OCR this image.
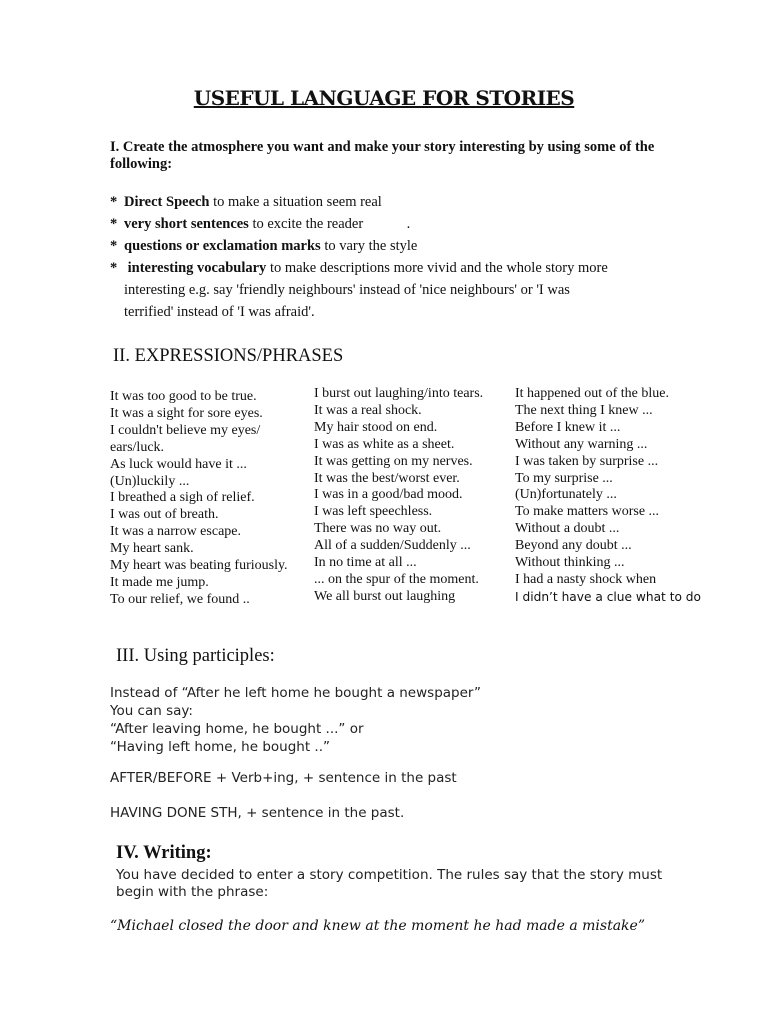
USEFUL LANGUAGE FOR STORIES
I. Create the atmosphere you want and make your story interesting by using some of the following:
* Direct Speech to make a situation seem real
* very short sentences to excite the reader            .
* questions or exclamation marks to vary the style
* interesting vocabulary to make descriptions more vivid and the whole story more
interesting e.g. say 'friendly neighbours' instead of 'nice neighbours' or 'I was
terrified' instead of 'I was afraid'.
II. EXPRESSIONS/PHRASES
It was too good to be true.
It was a sight for sore eyes.
I couldn't believe my eyes/
ears/luck.
As luck would have it ...
(Un)luckily ...
I breathed a sigh of relief.
I was out of breath.
It was a narrow escape.
My heart sank.
My heart was beating furiously.
It made me jump.
To our relief, we found ..
I burst out laughing/into tears.
It was a real shock.
My hair stood on end.
I was as white as a sheet.
It was getting on my nerves.
It was the best/worst ever.
I was in a good/bad mood.
I was left speechless.
There was no way out.
All of a sudden/Suddenly ...
In no time at all ...
... on the spur of the moment.
We all burst out laughing
It happened out of the blue.
The next thing I knew ...
Before I knew it ...
Without any warning ...
I was taken by surprise ...
To my surprise ...
(Un)fortunately ...
To make matters worse ...
Without a doubt ...
Beyond any doubt ...
Without thinking ...
I had a nasty shock when
I didn’t have a clue what to do
III. Using participles:
Instead of “After he left home he bought a newspaper”
You can say:
“After leaving home, he bought ...” or
“Having left home, he bought ..”
AFTER/BEFORE + Verb+ing, + sentence in the past
HAVING DONE STH, + sentence in the past.
IV. Writing:
You have decided to enter a story competition. The rules say that the story must
begin with the phrase:
“Michael closed the door and knew at the moment he had made a mistake”
